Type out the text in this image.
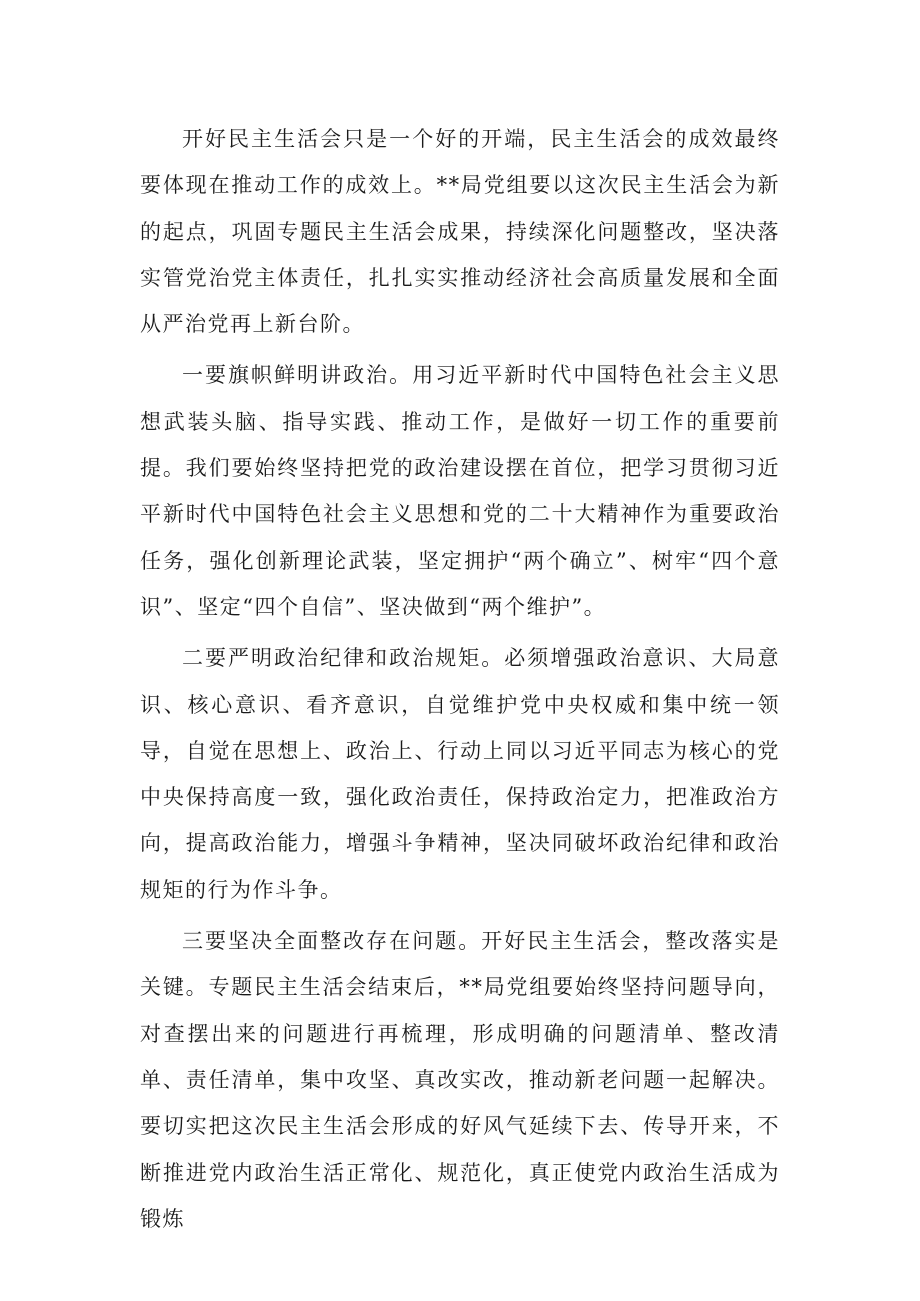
开好民主生活会只是一个好的开端，民主生活会的成效最终要体现在推动工作的成效上。**局党组要以这次民主生活会为新的起点，巩固专题民主生活会成果，持续深化问题整改，坚决落实管党治党主体责任，扎扎实实推动经济社会高质量发展和全面从严治党再上新台阶。

一要旗帜鲜明讲政治。用习近平新时代中国特色社会主义思想武装头脑、指导实践、推动工作，是做好一切工作的重要前提。我们要始终坚持把党的政治建设摆在首位，把学习贯彻习近平新时代中国特色社会主义思想和党的二十大精神作为重要政治任务，强化创新理论武装，坚定拥护“两个确立”、树牢“四个意识”、坚定“四个自信”、坚决做到“两个维护”。

二要严明政治纪律和政治规矩。必须增强政治意识、大局意识、核心意识、看齐意识，自觉维护党中央权威和集中统一领导，自觉在思想上、政治上、行动上同以习近平同志为核心的党中央保持高度一致，强化政治责任，保持政治定力，把准政治方向，提高政治能力，增强斗争精神，坚决同破坏政治纪律和政治规矩的行为作斗争。

三要坚决全面整改存在问题。开好民主生活会，整改落实是关键。专题民主生活会结束后，**局党组要始终坚持问题导向，对查摆出来的问题进行再梳理，形成明确的问题清单、整改清单、责任清单，集中攻坚、真改实改，推动新老问题一起解决。要切实把这次民主生活会形成的好风气延续下去、传导开来，不断推进党内政治生活正常化、规范化，真正使党内政治生活成为锻炼
